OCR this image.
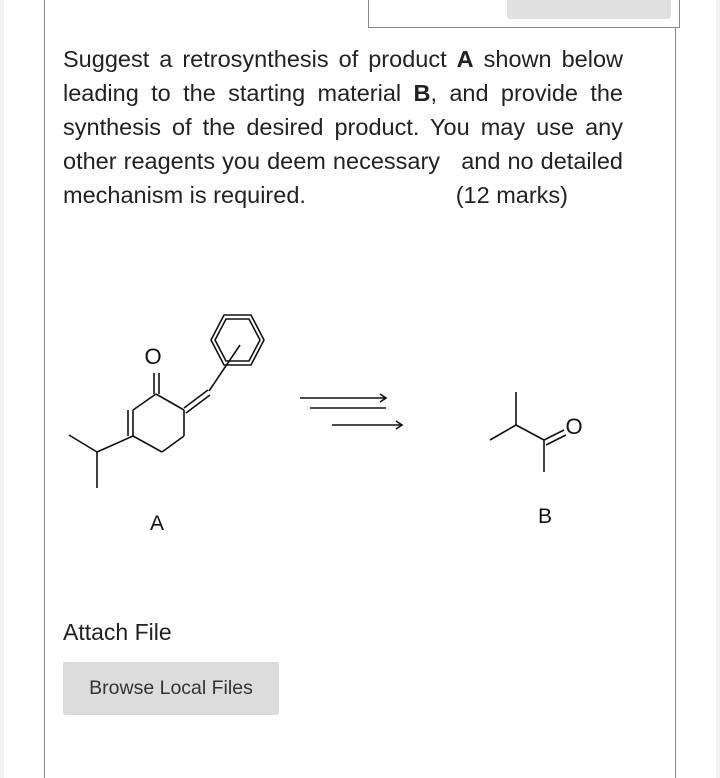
Suggest a retrosynthesis of product A shown below
leading to the starting material B, and provide the
synthesis of the desired product. You may use any
other reagents you deem necessary   and no detailed
mechanism is required.	(12 marks)
O
O
A	B
Attach File
Browse Local Files
